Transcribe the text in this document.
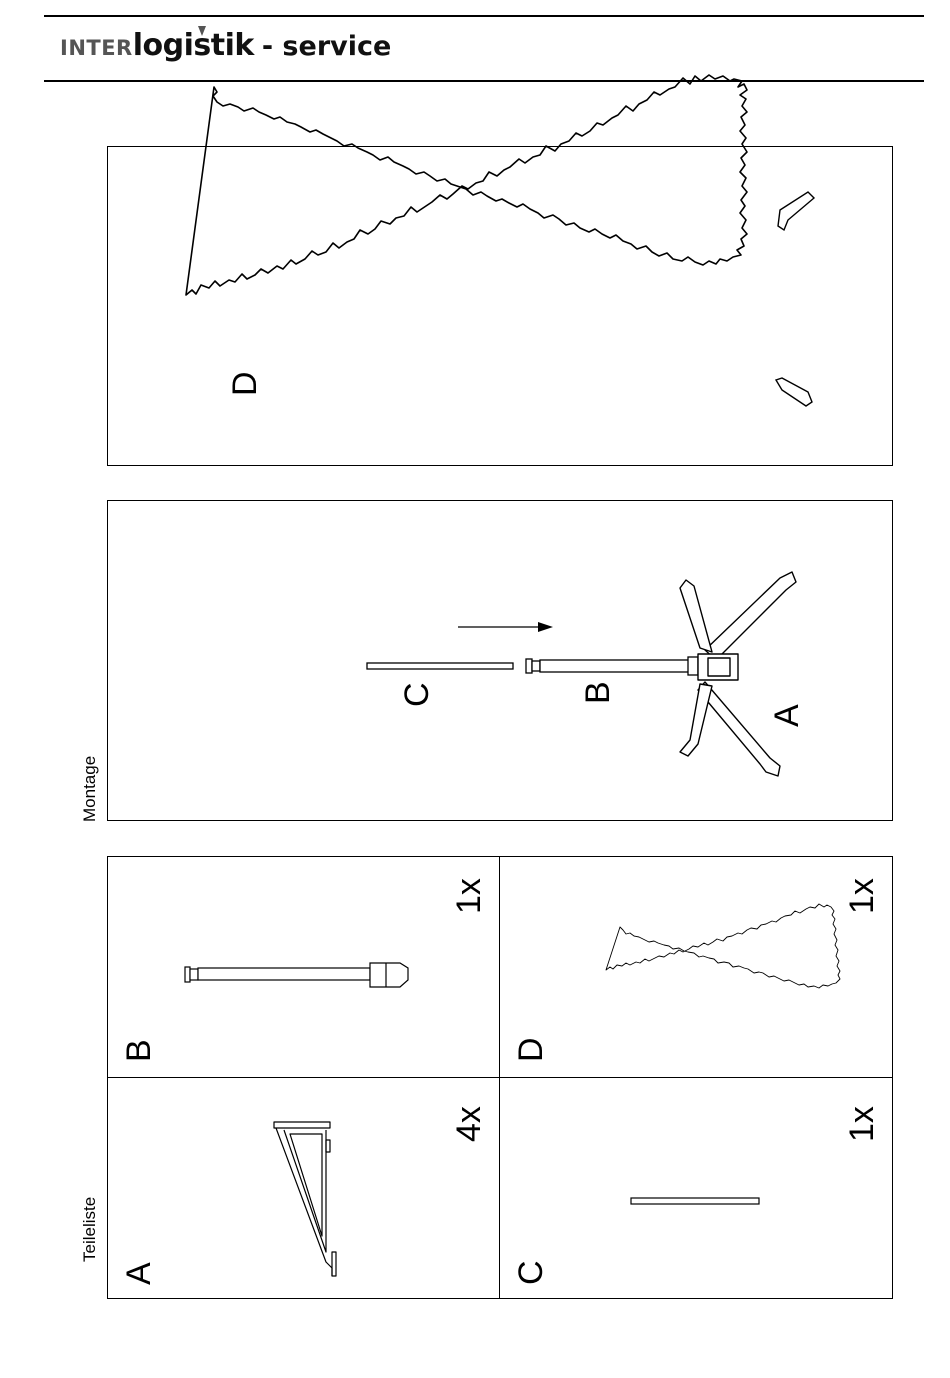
INTER logistik - service
D
Montage
C	B
A
Teileliste
A
4x
B
1x
C
1x
D
1x
